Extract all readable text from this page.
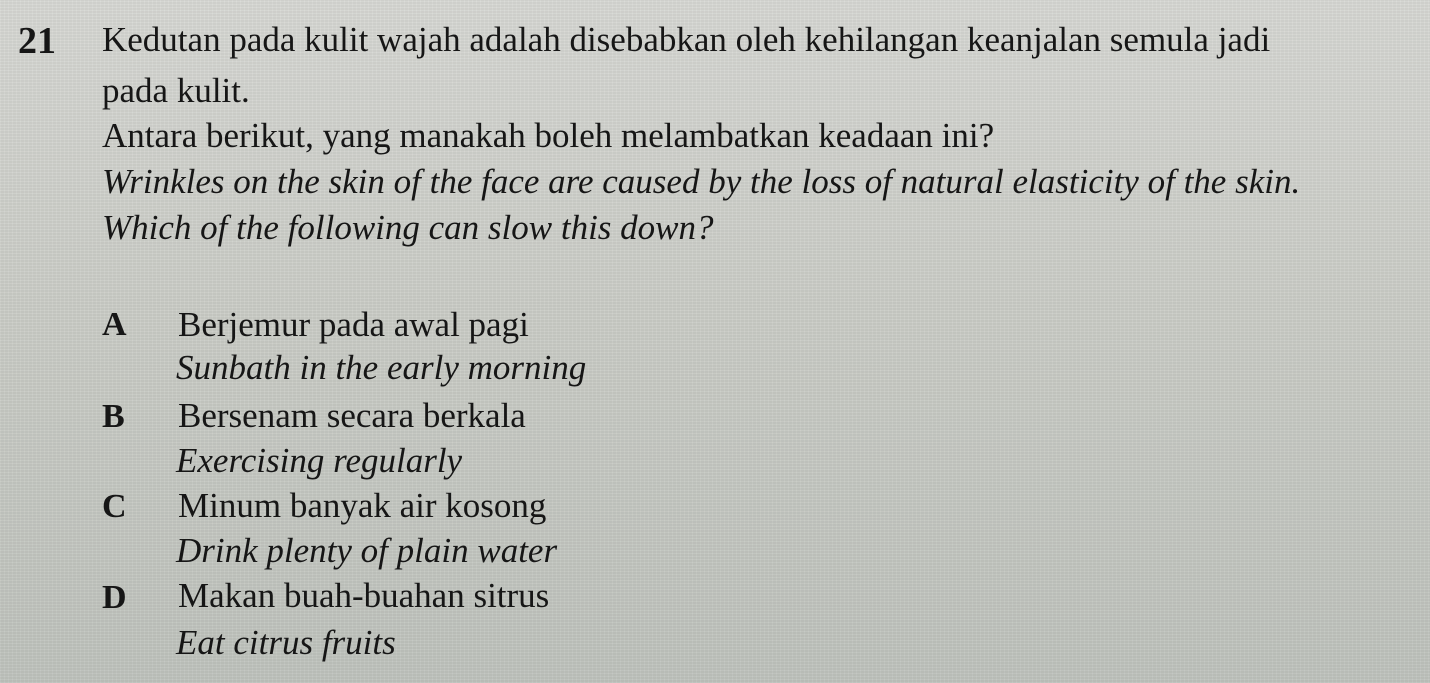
21 Kedutan pada kulit wajah adalah disebabkan oleh kehilangan keanjalan semula jadi
pada kulit.
Antara berikut, yang manakah boleh melambatkan keadaan ini?
Wrinkles on the skin of the face are caused by the loss of natural elasticity of the skin.
Which of the following can slow this down?
A Berjemur pada awal pagi
Sunbath in the early morning
B Bersenam secara berkala
Exercising regularly
C Minum banyak air kosong
Drink plenty of plain water
D Makan buah-buahan sitrus
Eat citrus fruits
